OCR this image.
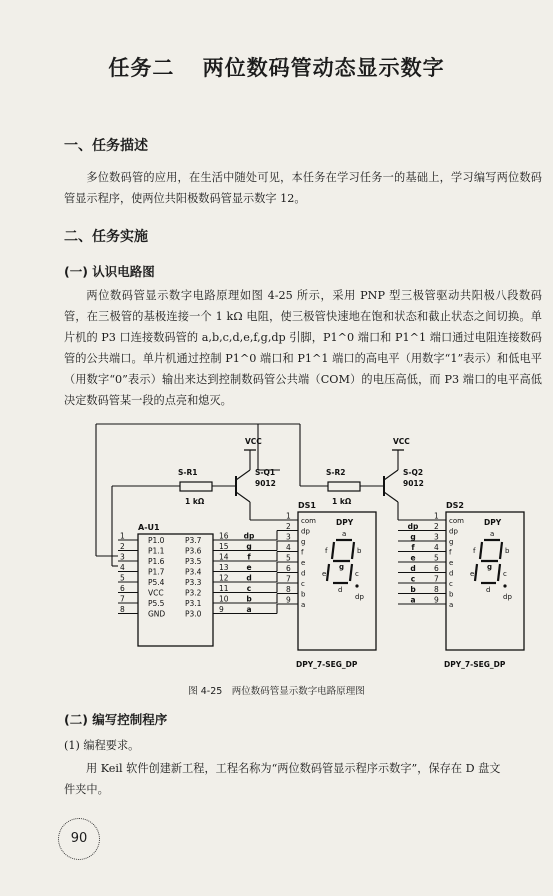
任务二 两位数码管动态显示数字
一、任务描述

多位数码管的应用，在生活中随处可见，本任务在学习任务一的基础上，学习编写两位数码管显示程序，使两位共阳极数码管显示数字 12。

二、任务实施
(一) 认识电路图

两位数码管显示数字电路原理如图 4-25 所示，采用 PNP 型三极管驱动共阳极八段数码管，在三极管的基极连接一个 1 kΩ 电阻，使三极管快速地在饱和状态和截止状态之间切换。单片机的 P3 口连接数码管的 a,b,c,d,e,f,g,dp 引脚，P1^0 端口和 P1^1 端口通过电阻连接数码管的公共端口。单片机通过控制 P1^0 端口和 P1^1 端口的高电平（用数字“1”表示）和低电平（用数字“0”表示）输出来达到控制数码管公共端（COM）的电压高低，而 P3 端口的电平高低决定数码管某一段的点亮和熄灭。

A-U1
1	P1.0
2	P1.1
3	P1.6
4	P1.7
5	P5.4
6	VCC
7	P5.5
8	GND
P3.7 16 dp
P3.6 15 g
P3.5 14	f
P3.4 13 e
P3.3 12 d
P3.2 11 c
P3.1 10 b
P3.0 9	a
DS1
DPY
1
com
2
dp
3
g
4
f
5
e
6
d
7
c
8
b
9
a
a
b
c
d
e
f
g
dp
DPY_7-SEG_DP
DS2
DPY
1
com
2
dp
3
g
4
f
5
e
6
d
7
c
8
b
9
a
a
b
c
d
e
f
g
dp
DPY_7-SEG_DP
dp
g
f
e
d
c
b
a
S-R1
1 kΩ
VCC
S-Q1
9012
S-R2
1 kΩ
VCC
S-Q2
9012
图 4-25　两位数码管显示数字电路原理图
(二) 编写控制程序
(1) 编程要求。
用 Keil 软件创建新工程，工程名称为“两位数码管显示程序示数字”，保存在 D 盘文
件夹中。
90
